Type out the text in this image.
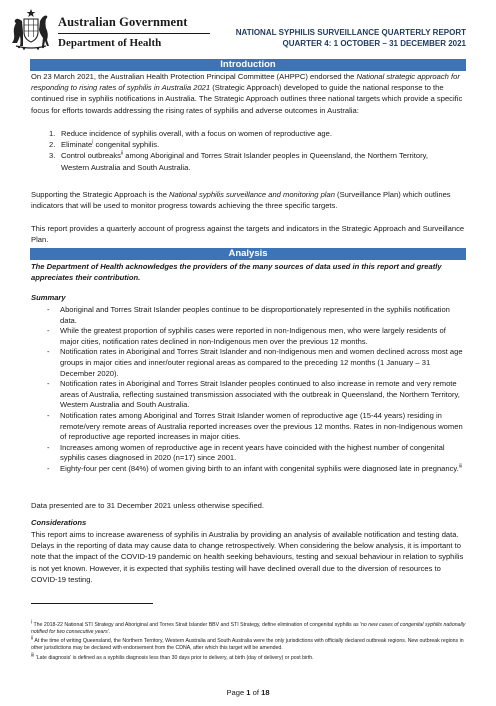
Australian Government
Department of Health
NATIONAL SYPHILIS SURVEILLANCE QUARTERLY REPORT
QUARTER 4: 1 OCTOBER – 31 DECEMBER 2021
Introduction

On 23 March 2021, the Australian Health Protection Principal Committee (AHPPC) endorsed the National strategic approach for responding to rising rates of syphilis in Australia 2021 (Strategic Approach) developed to guide the national response to the continued rise in syphilis notifications in Australia. The Strategic Approach outlines three national targets which provide a specific focus for efforts towards addressing the rising rates of syphilis and adverse outcomes in Australia:

1. Reduce incidence of syphilis overall, with a focus on women of reproductive age.
2. Eliminate$^i$ congenital syphilis.
3. Control outbreaks$^{ii}$ among Aboriginal and Torres Strait Islander peoples in Queensland, the Northern Territory, Western Australia and South Australia.

Supporting the Strategic Approach is the National syphilis surveillance and monitoring plan (Surveillance Plan) which outlines indicators that will be used to monitor progress towards achieving the three specific targets.

This report provides a quarterly account of progress against the targets and indicators in the Strategic Approach and Surveillance Plan.

Analysis
The Department of Health acknowledges the providers of the many sources of data used in this report and greatly appreciates their contribution.
Summary
- Aboriginal and Torres Strait Islander peoples continue to be disproportionately represented in the syphilis notification data.
- While the greatest proportion of syphilis cases were reported in non-Indigenous men, who were largely residents of major cities, notification rates declined in non-Indigenous men over the previous 12 months.
- Notification rates in Aboriginal and Torres Strait Islander and non-Indigenous men and women declined across most age groups in major cities and inner/outer regional areas as compared to the preceding 12 months (1 January – 31 December 2020).
- Notification rates in Aboriginal and Torres Strait Islander peoples continued to also increase in remote and very remote areas of Australia, reflecting sustained transmission associated with the outbreak in Queensland, the Northern Territory, Western Australia and South Australia.
- Notification rates among Aboriginal and Torres Strait Islander women of reproductive age (15-44 years) residing in remote/very remote areas of Australia reported increases over the previous 12 months. Rates in non-Indigenous women of reproductive age reported increases in major cities.
- Increases among women of reproductive age in recent years have coincided with the highest number of congenital syphilis cases diagnosed in 2020 (n=17) since 2001.
- Eighty-four per cent (84%) of women giving birth to an infant with congenital syphilis were diagnosed late in pregnancy.$^{iii}$
Data presented are to 31 December 2021 unless otherwise specified.
Considerations
This report aims to increase awareness of syphilis in Australia by providing an analysis of available notification and testing data. Delays in the reporting of data may cause data to change retrospectively. When considering the below analysis, it is important to note that the impact of the COVID-19 pandemic on health seeking behaviours, testing and sexual behaviour in relation to syphilis is not yet known. However, it is expected that syphilis testing will have declined overall due to the diversion of resources to COVID-19 testing.

$^i$ The 2018-22 National STI Strategy and Aboriginal and Torres Strait Islander BBV and STI Strategy, define elimination of congenital syphilis as 'no new cases of congenital syphilis nationally notified for two consecutive years'.

$^{ii}$ At the time of writing Queensland, the Northern Territory, Western Australia and South Australia were the only jurisdictions with officially declared outbreak regions. New outbreak regions in other jurisdictions may be declared with endorsement from the CDNA, after which this target will be amended.

$^{iii}$ 'Late diagnosis' is defined as a syphilis diagnosis less than 30 days prior to delivery, at birth (day of delivery) or post birth.

Page 1 of 18
